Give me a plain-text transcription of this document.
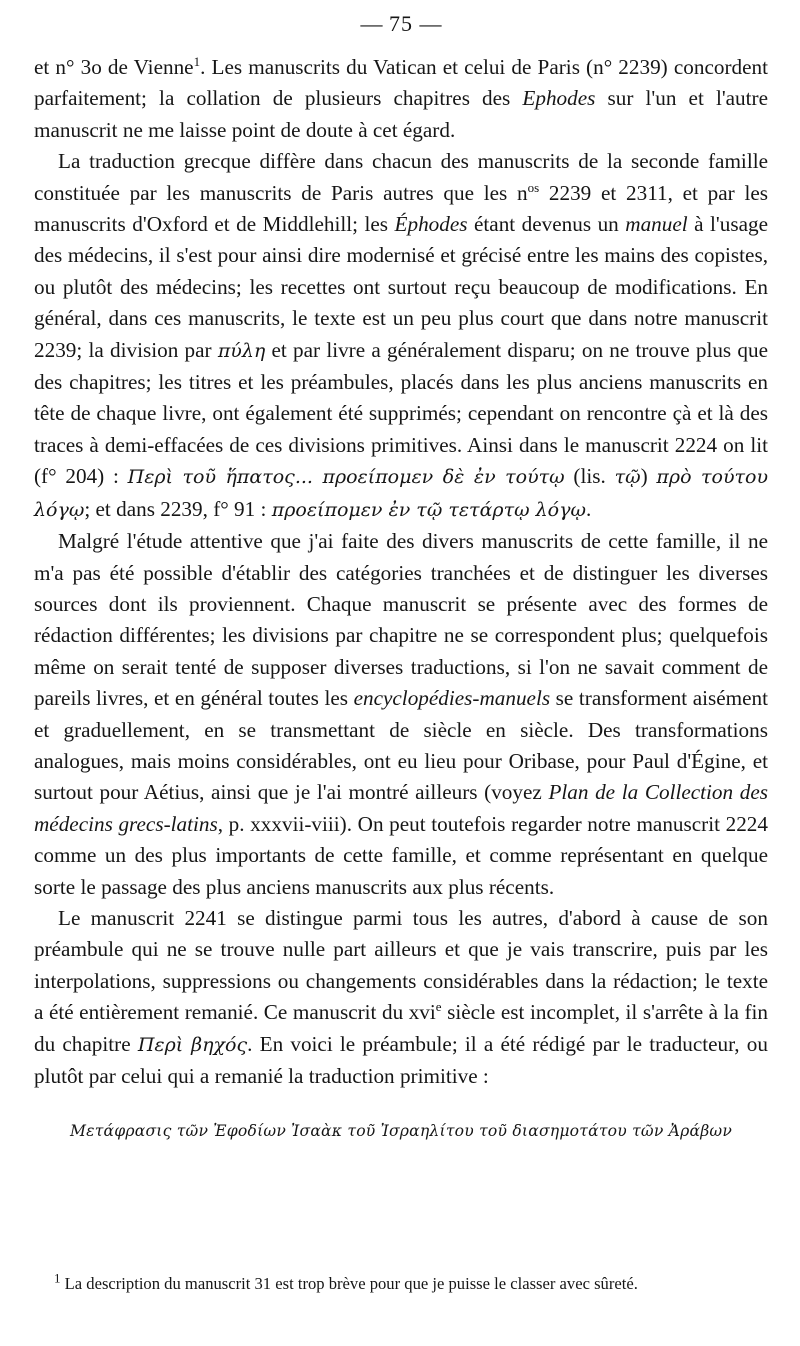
— 75 —

et n° 3o de Vienne$^1$. Les manuscrits du Vatican et celui de Paris (n° 2239) concordent parfaitement; la collation de plusieurs chapitres des Ephodes sur l'un et l'autre manuscrit ne me laisse point de doute à cet égard.

La traduction grecque diffère dans chacun des manuscrits de la seconde famille constituée par les manuscrits de Paris autres que les $n^{os}$ 2239 et 2311, et par les manuscrits d'Oxford et de Middlehill; les Éphodes étant devenus un manuel à l'usage des médecins, il s'est pour ainsi dire modernisé et grécisé entre les mains des copistes, ou plutôt des médecins; les recettes ont surtout reçu beaucoup de modifications. En général, dans ces manuscrits, le texte est un peu plus court que dans notre manuscrit 2239; la division par πύλη et par livre a généralement disparu; on ne trouve plus que des chapitres; les titres et les préambules, placés dans les plus anciens manuscrits en tête de chaque livre, ont également été supprimés; cependant on rencontre çà et là des traces à demi-effacées de ces divisions primitives. Ainsi dans le manuscrit 2224 on lit (f° 204) : Περὶ τοῦ ἥπατος... προείπομεν δὲ ἐν τούτῳ (lis. τῷ) πρὸ τούτου λόγῳ; et dans 2239, f° 91 : προείπομεν ἐν τῷ τετάρτῳ λόγῳ.

Malgré l'étude attentive que j'ai faite des divers manuscrits de cette famille, il ne m'a pas été possible d'établir des catégories tranchées et de distinguer les diverses sources dont ils proviennent. Chaque manuscrit se présente avec des formes de rédaction différentes; les divisions par chapitre ne se correspondent plus; quelquefois même on serait tenté de supposer diverses traductions, si l'on ne savait comment de pareils livres, et en général toutes les encyclopédies-manuels se transforment aisément et graduellement, en se transmettant de siècle en siècle. Des transformations analogues, mais moins considérables, ont eu lieu pour Oribase, pour Paul d'Égine, et surtout pour Aétius, ainsi que je l'ai montré ailleurs (voyez Plan de la Collection des médecins grecs-latins, p. xxxvii-viii). On peut toutefois regarder notre manuscrit 2224 comme un des plus importants de cette famille, et comme représentant en quelque sorte le passage des plus anciens manuscrits aux plus récents.

Le manuscrit 2241 se distingue parmi tous les autres, d'abord à cause de son préambule qui ne se trouve nulle part ailleurs et que je vais transcrire, puis par les interpolations, suppressions ou changements considérables dans la rédaction; le texte a été entièrement remanié. Ce manuscrit du xvi$^e$ siècle est incomplet, il s'arrête à la fin du chapitre Περὶ βηχός. En voici le préambule; il a été rédigé par le traducteur, ou plutôt par celui qui a remanié la traduction primitive :

Μετάφρασις τῶν Ἐφοδίων Ἰσαὰκ τοῦ Ἰσραηλίτου τοῦ διασημοτάτου τῶν Ἀράβων
$^1$ La description du manuscrit 31 est trop brève pour que je puisse le classer avec sûreté.
